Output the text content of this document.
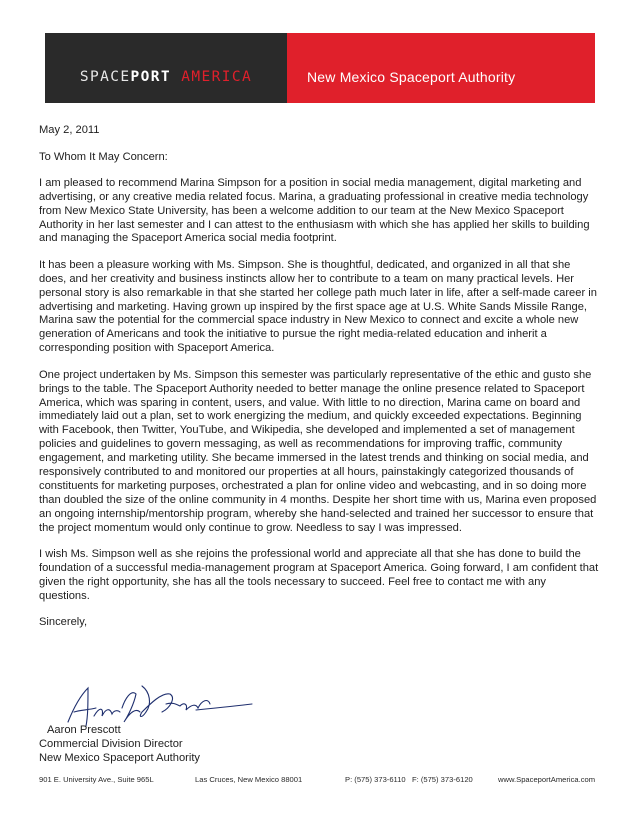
SPACEPORT AMERICA	New Mexico Spaceport Authority

May 2, 2011

To Whom It May Concern:

I am pleased to recommend Marina Simpson for a position in social media management, digital marketing and advertising, or any creative media related focus. Marina, a graduating professional in creative media technology from New Mexico State University, has been a welcome addition to our team at the New Mexico Spaceport Authority in her last semester and I can attest to the enthusiasm with which she has applied her skills to building and managing the Spaceport America social media footprint.

It has been a pleasure working with Ms. Simpson. She is thoughtful, dedicated, and organized in all that she does, and her creativity and business instincts allow her to contribute to a team on many practical levels. Her personal story is also remarkable in that she started her college path much later in life, after a self-made career in advertising and marketing. Having grown up inspired by the first space age at U.S. White Sands Missile Range, Marina saw the potential for the commercial space industry in New Mexico to connect and excite a whole new generation of Americans and took the initiative to pursue the right media-related education and inherit a corresponding position with Spaceport America.

One project undertaken by Ms. Simpson this semester was particularly representative of the ethic and gusto she brings to the table. The Spaceport Authority needed to better manage the online presence related to Spaceport America, which was sparing in content, users, and value. With little to no direction, Marina came on board and immediately laid out a plan, set to work energizing the medium, and quickly exceeded expectations. Beginning with Facebook, then Twitter, YouTube, and Wikipedia, she developed and implemented a set of management policies and guidelines to govern messaging, as well as recommendations for improving traffic, community engagement, and marketing utility. She became immersed in the latest trends and thinking on social media, and responsively contributed to and monitored our properties at all hours, painstakingly categorized thousands of constituents for marketing purposes, orchestrated a plan for online video and webcasting, and in so doing more than doubled the size of the online community in 4 months. Despite her short time with us, Marina even proposed an ongoing internship/mentorship program, whereby she hand-selected and trained her successor to ensure that the project momentum would only continue to grow. Needless to say I was impressed.

I wish Ms. Simpson well as she rejoins the professional world and appreciate all that she has done to build the foundation of a successful media-management program at Spaceport America. Going forward, I am confident that given the right opportunity, she has all the tools necessary to succeed. Feel free to contact me with any questions.

Sincerely,

Aaron Prescott
Commercial Division Director
New Mexico Spaceport Authority
901 E. University Ave., Suite 965L	Las Cruces, New Mexico 88001	P: (575) 373-6110   F: (575) 373-6120	www.SpaceportAmerica.com
